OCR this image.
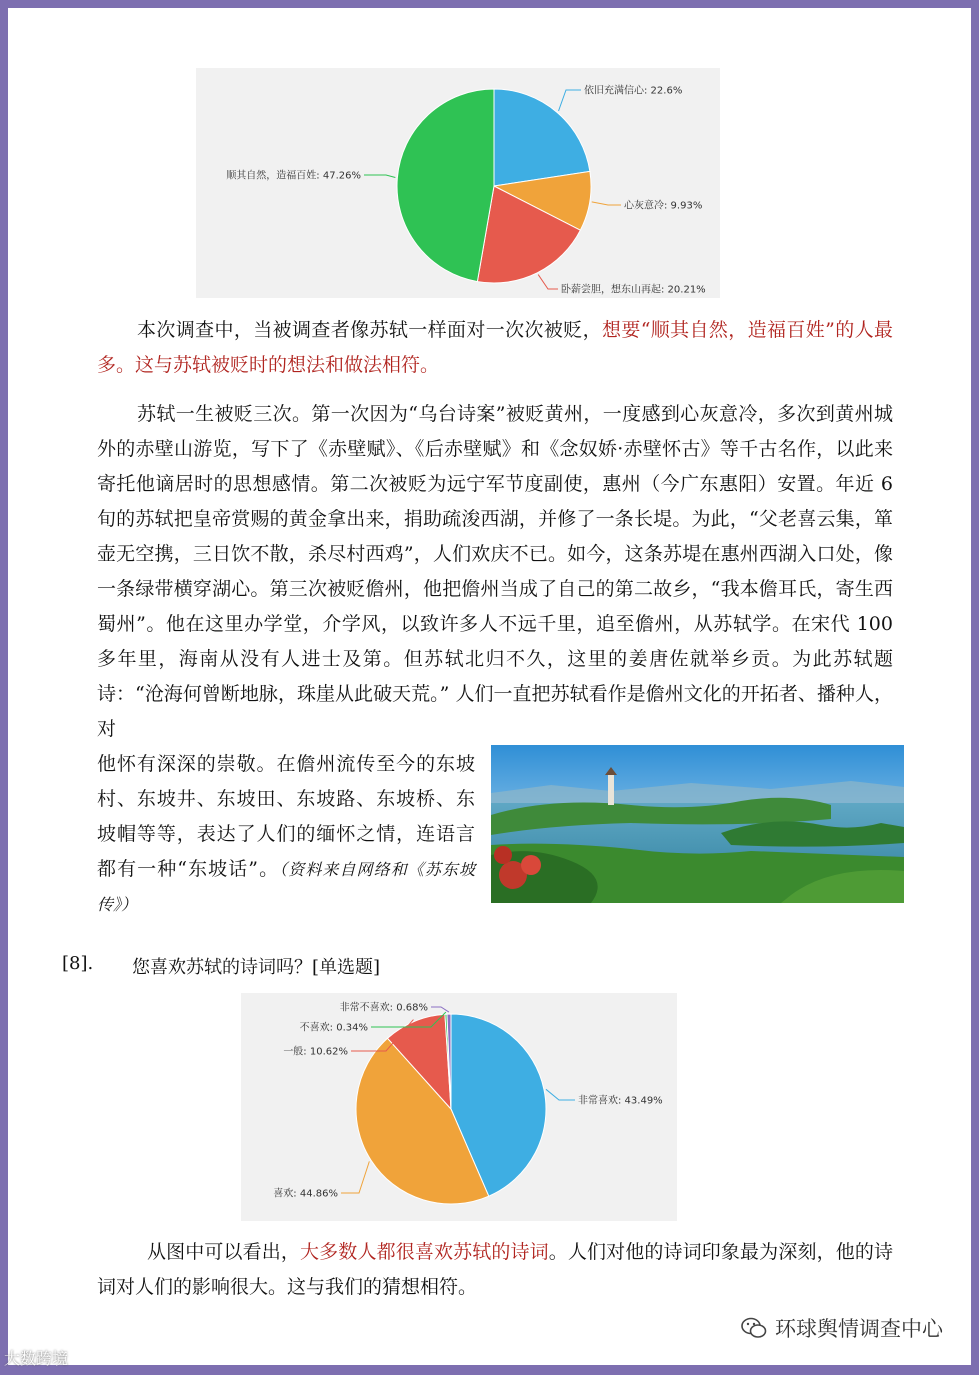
依旧充满信心: 22.6%
心灰意冷: 9.93%
卧薪尝胆，想东山再起: 20.21%
顺其自然，造福百姓: 47.26%

本次调查中，当被调查者像苏轼一样面对一次次被贬，想要“顺其自然，造福百姓”的人最多。这与苏轼被贬时的想法和做法相符。

苏轼一生被贬三次。第一次因为“乌台诗案”被贬黄州，一度感到心灰意冷，多次到黄州城外的赤壁山游览，写下了《赤壁赋》、《后赤壁赋》和《念奴娇·赤壁怀古》等千古名作，以此来寄托他谪居时的思想感情。第二次被贬为远宁军节度副使，惠州（今广东惠阳）安置。年近 6 旬的苏轼把皇帝赏赐的黄金拿出来，捐助疏浚西湖，并修了一条长堤。为此，“父老喜云集，箪壶无空携，三日饮不散，杀尽村西鸡”，人们欢庆不已。如今，这条苏堤在惠州西湖入口处，像一条绿带横穿湖心。第三次被贬儋州，他把儋州当成了自己的第二故乡，“我本儋耳氏，寄生西蜀州”。他在这里办学堂，介学风，以致许多人不远千里，追至儋州，从苏轼学。在宋代 100 多年里，海南从没有人进士及第。但苏轼北归不久，这里的姜唐佐就举乡贡。为此苏轼题诗：“沧海何曾断地脉，珠崖从此破天荒。” 人们一直把苏轼看作是儋州文化的开拓者、播种人，对

他怀有深深的崇敬。在儋州流传至今的东坡村、东坡井、东坡田、东坡路、东坡桥、东坡帽等等，表达了人们的缅怀之情，连语言都有一种“东坡话”。（资料来自网络和《苏东坡传》）

[8]. 您喜欢苏轼的诗词吗？[单选题]
非常喜欢: 43.49%
喜欢: 44.86%
一般: 10.62%
不喜欢: 0.34%
非常不喜欢: 0.68%

从图中可以看出，大多数人都很喜欢苏轼的诗词。人们对他的诗词印象最为深刻，他的诗词对人们的影响很大。这与我们的猜想相符。

环球舆情调查中心
大数跨境
